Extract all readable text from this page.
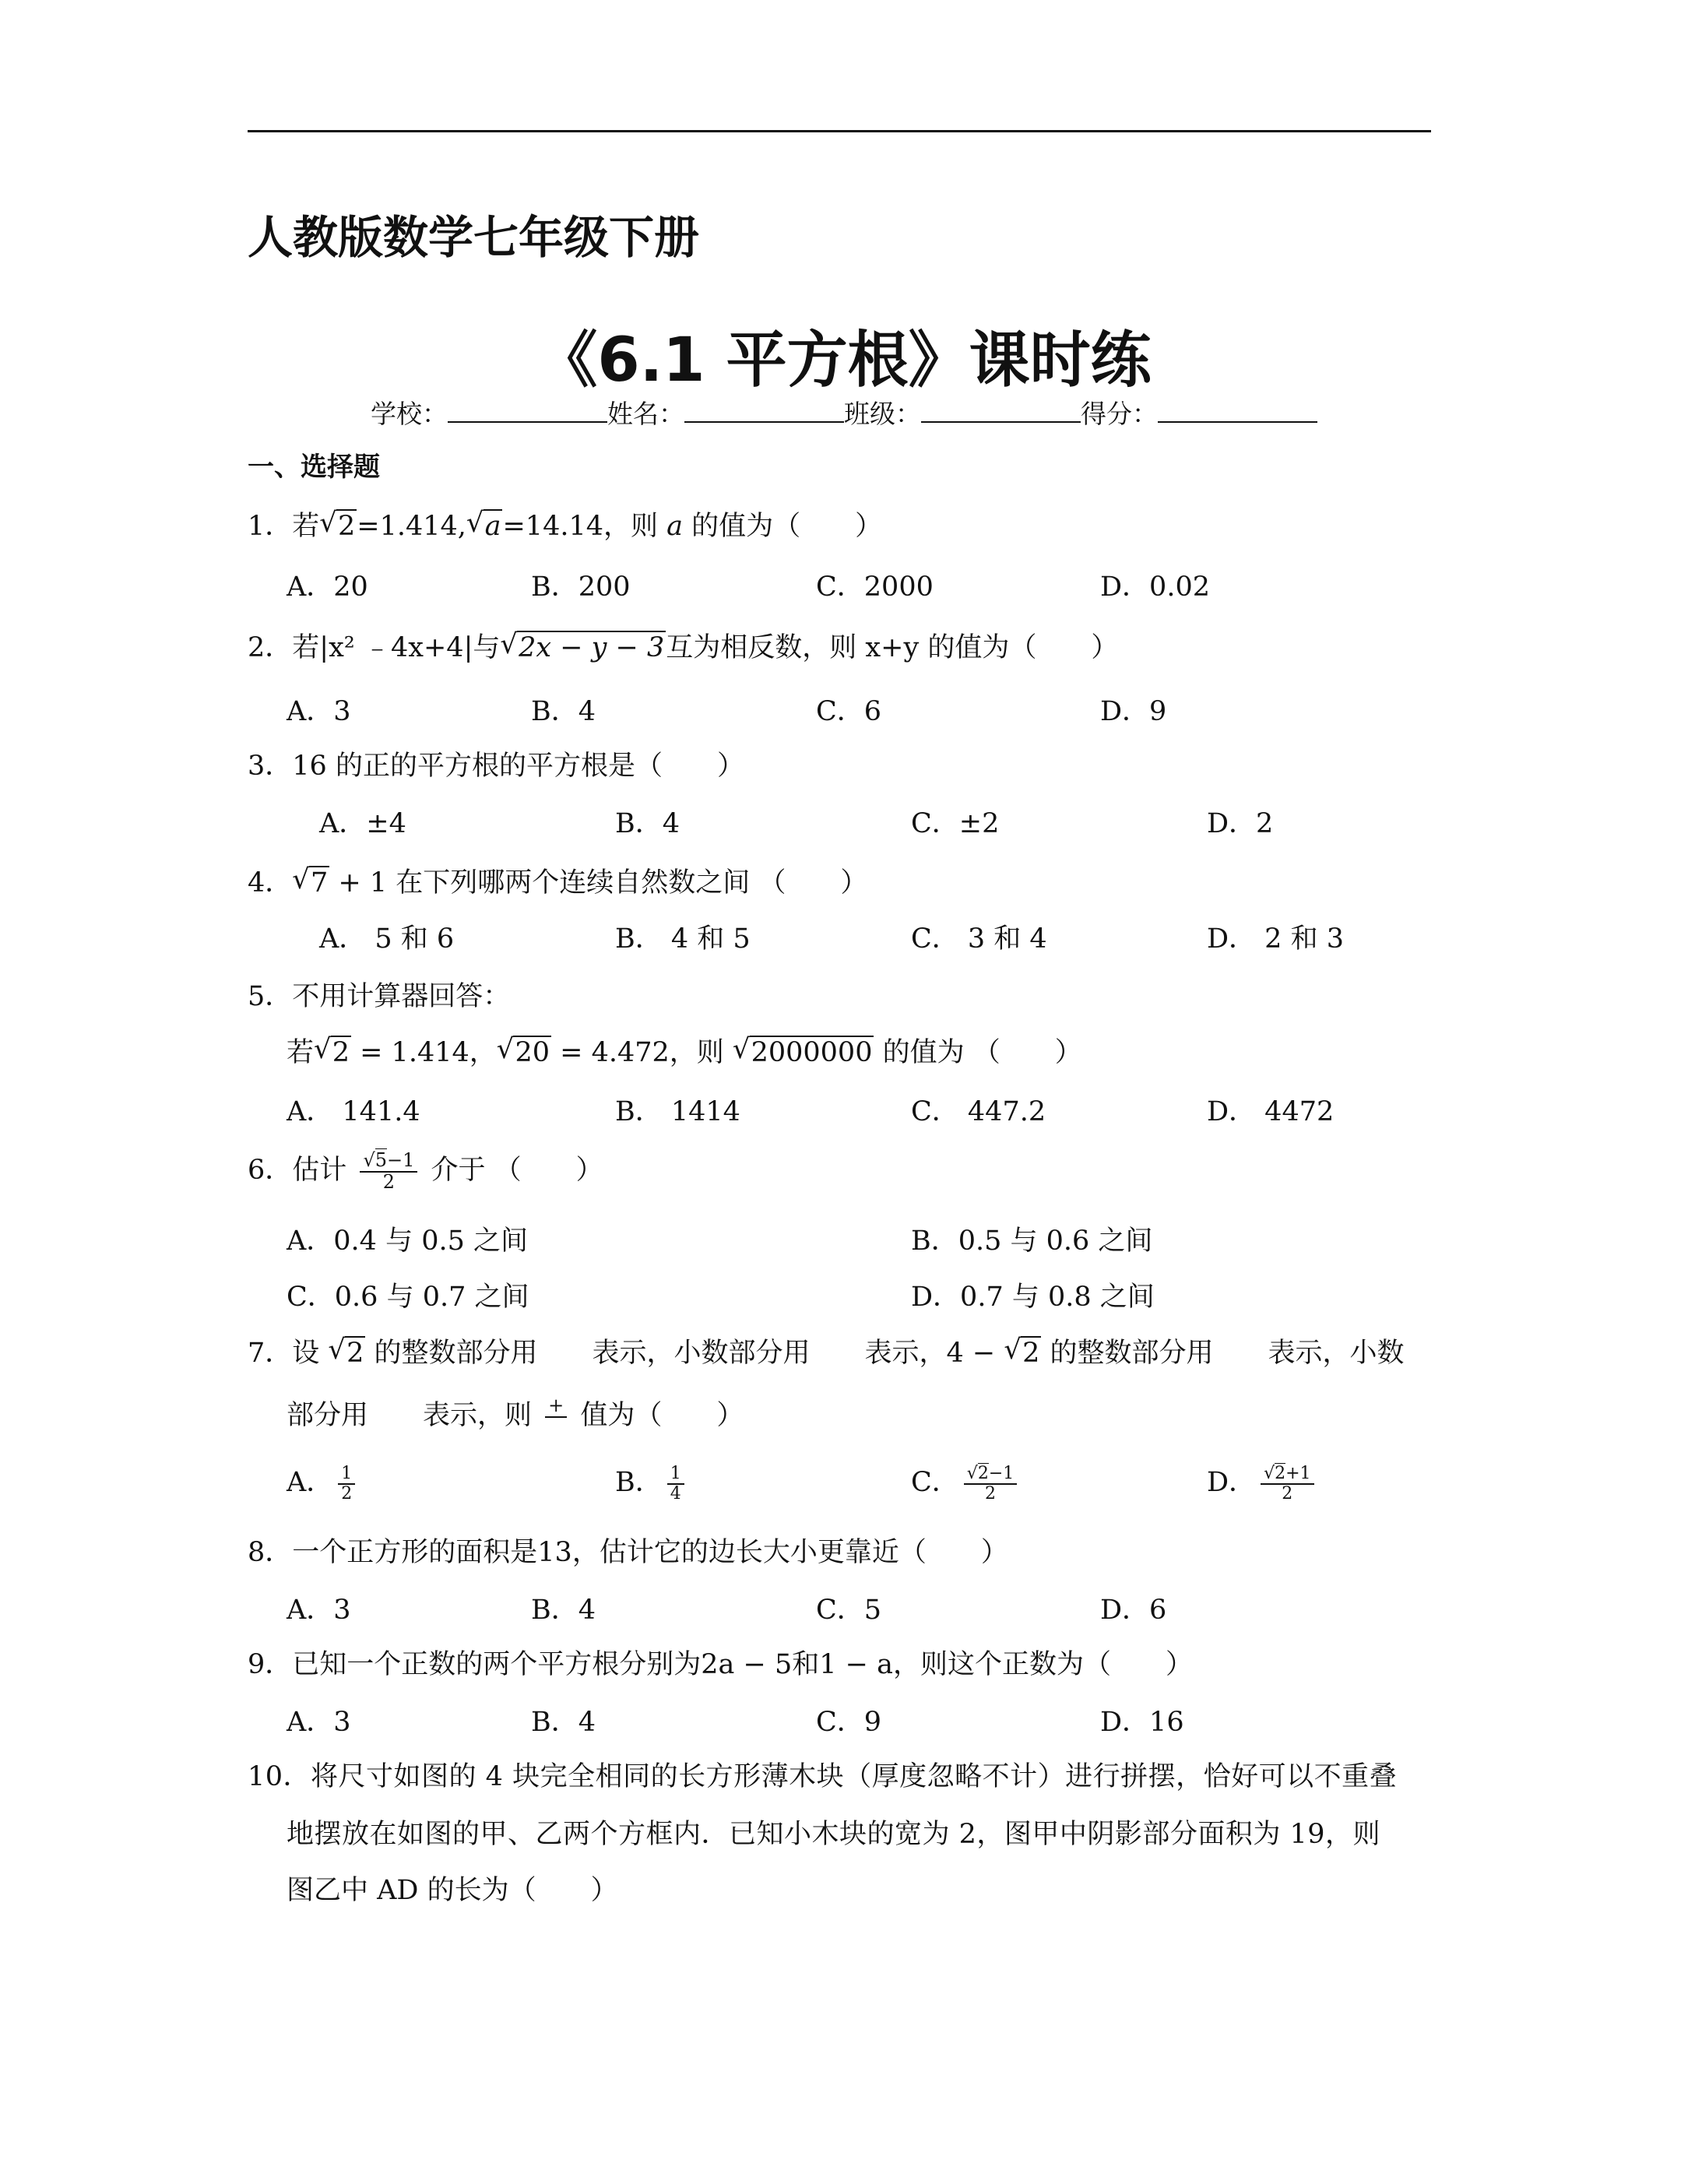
人教版数学七年级下册
《6.1 平方根》课时练
学校：	姓名：	班级：	得分：
一、选择题
1．若 √ 2=1.414, √ a=14.14，则 a 的值为（　　）
A．20	B．200	C．2000	D．0.02
2．若|x² ﹣4x+4|与 √ 2x − y − 3互为相反数，则 x+y 的值为（　　）
A．3	B．4	C．6	D．9
3．16 的正的平方根的平方根是（　　）
A．±4	B．4	C．±2	D．2
4． √ 7 + 1 在下列哪两个连续自然数之间 （　　）
A． 5 和 6	B． 4 和 5	C． 3 和 4	D． 2 和 3
5．不用计算器回答：
若 √ 2 = 1.414， √ 20 = 4.472，则 √ 2000000 的值为 （　　）
A． 141.4	B． 1414	C． 447.2	D． 4472
6．估计 $\frac{√5-1}{2}$ 介于 （　　）
A．0.4 与 0.5 之间	B．0.5 与 0.6 之间
C．0.6 与 0.7 之间	D．0.7 与 0.8 之间
7．设 √ 2 的整数部分用　　表示，小数部分用　　表示，4 − √ 2 的整数部分用　　表示，小数
部分用　　表示，则 +
值为（　　）
A． $\frac{1}{2}$	B． $\frac{1}{4}$	C． $\frac{√2-1}{2}$	D． $\frac{√2+1}{2}$
8．一个正方形的面积是13，估计它的边长大小更靠近（　　）
A．3	B．4	C．5	D．6
9．已知一个正数的两个平方根分别为2a − 5和1 − a，则这个正数为（　　）
A．3	B．4	C．9	D．16
10．将尺寸如图的 4 块完全相同的长方形薄木块（厚度忽略不计）进行拼摆，恰好可以不重叠
地摆放在如图的甲、乙两个方框内．已知小木块的宽为 2，图甲中阴影部分面积为 19，则
图乙中 AD 的长为（　　）
